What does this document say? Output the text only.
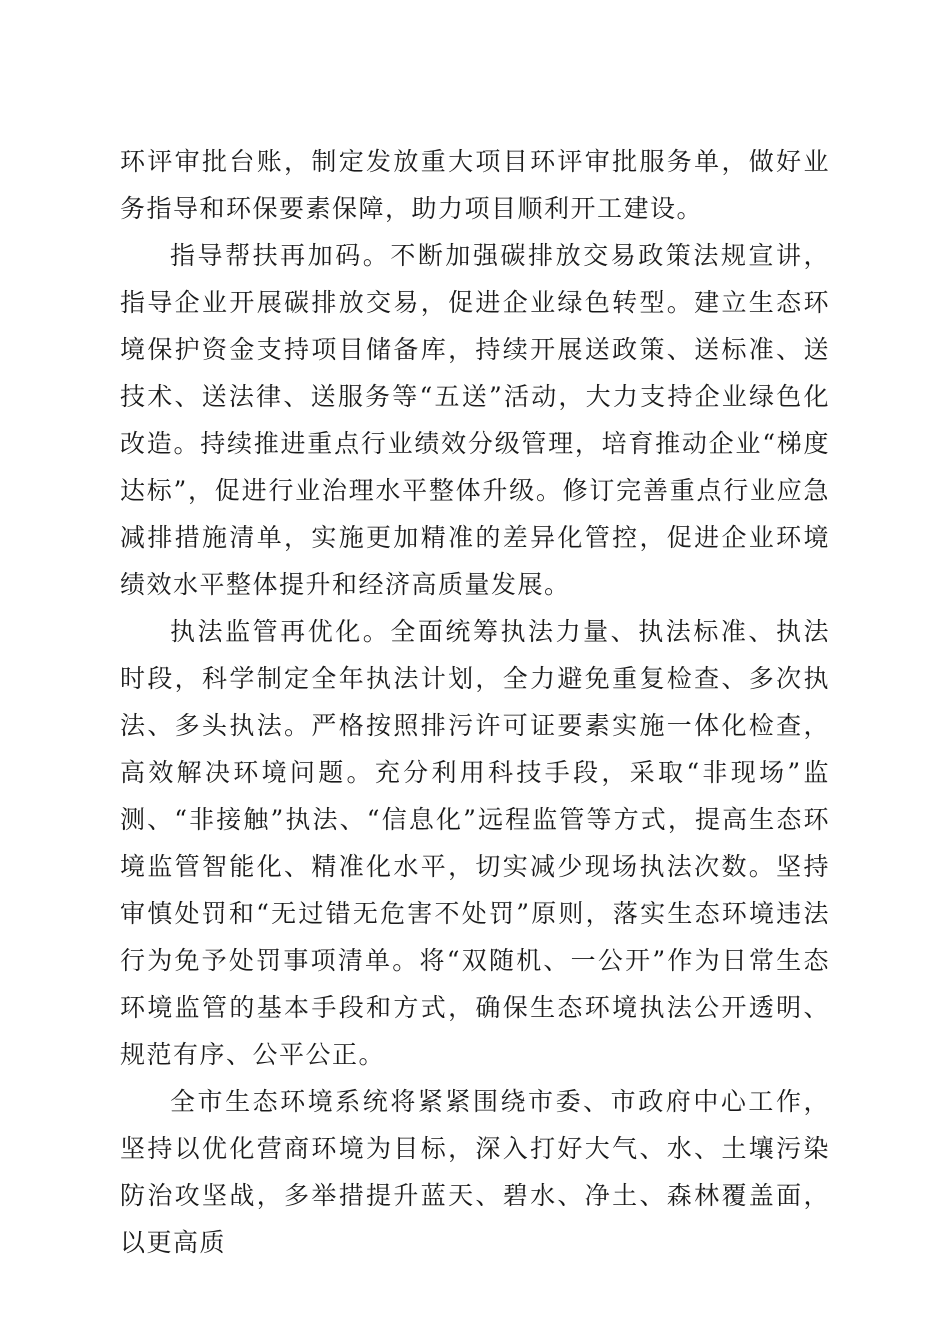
环评审批台账，制定发放重大项目环评审批服务单，做好业务指导和环保要素保障，助力项目顺利开工建设。

指导帮扶再加码。不断加强碳排放交易政策法规宣讲，指导企业开展碳排放交易，促进企业绿色转型。建立生态环境保护资金支持项目储备库，持续开展送政策、送标准、送技术、送法律、送服务等“五送”活动，大力支持企业绿色化改造。持续推进重点行业绩效分级管理，培育推动企业“梯度达标”，促进行业治理水平整体升级。修订完善重点行业应急减排措施清单，实施更加精准的差异化管控，促进企业环境绩效水平整体提升和经济高质量发展。

执法监管再优化。全面统筹执法力量、执法标准、执法时段，科学制定全年执法计划，全力避免重复检查、多次执法、多头执法。严格按照排污许可证要素实施一体化检查，高效解决环境问题。充分利用科技手段，采取“非现场”监测、“非接触”执法、“信息化”远程监管等方式，提高生态环境监管智能化、精准化水平，切实减少现场执法次数。坚持审慎处罚和“无过错无危害不处罚”原则，落实生态环境违法行为免予处罚事项清单。将“双随机、一公开”作为日常生态环境监管的基本手段和方式，确保生态环境执法公开透明、规范有序、公平公正。

全市生态环境系统将紧紧围绕市委、市政府中心工作，坚持以优化营商环境为目标，深入打好大气、水、土壤污染防治攻坚战，多举措提升蓝天、碧水、净土、森林覆盖面，以更高质
